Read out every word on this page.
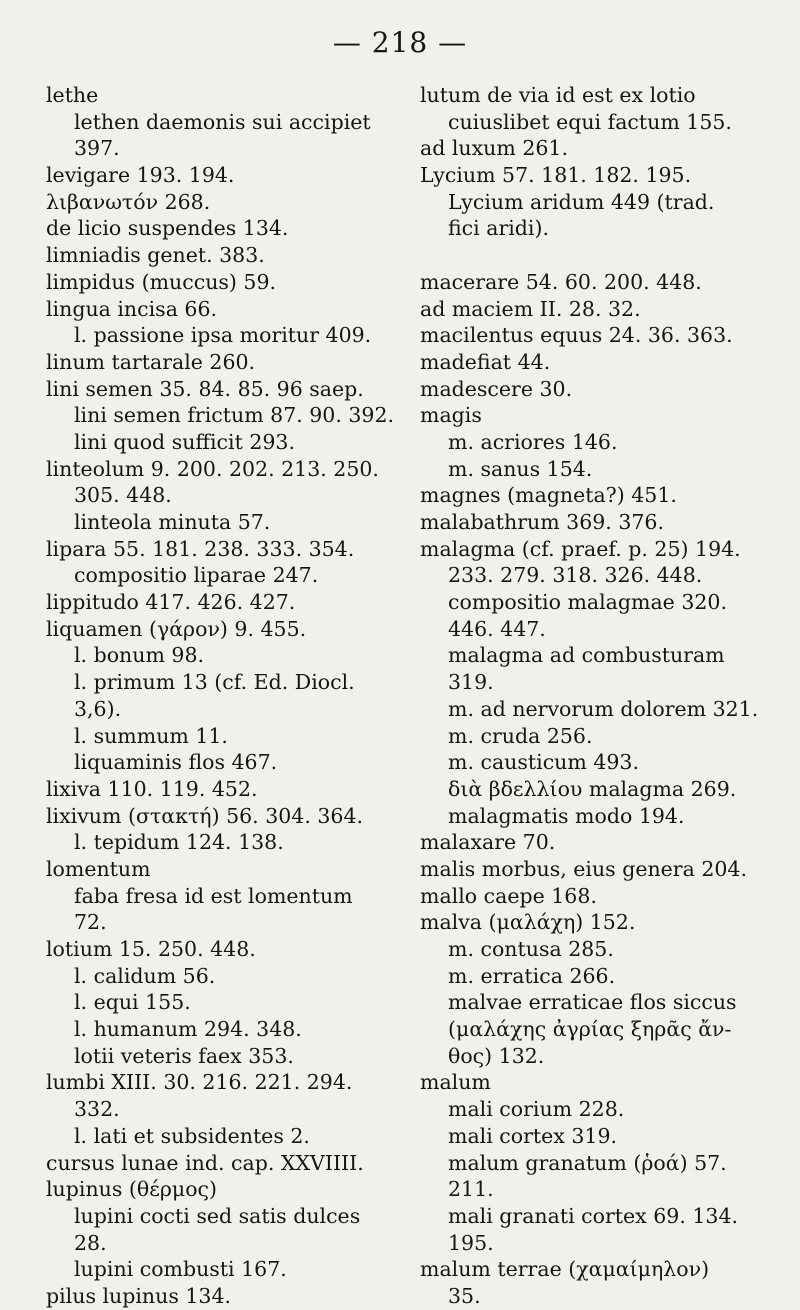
— 218 —
lethe
lethen daemonis sui accipiet
397.
levigare 193. 194.
λιβανωτόν 268.
de licio suspendes 134.
limniadis genet. 383.
limpidus (muccus) 59.
lingua incisa 66.
l. passione ipsa moritur 409.
linum tartarale 260.
lini semen 35. 84. 85. 96 saep.
lini semen frictum 87. 90. 392.
lini quod sufficit 293.
linteolum 9. 200. 202. 213. 250.
305. 448.
linteola minuta 57.
lipara 55. 181. 238. 333. 354.
compositio liparae 247.
lippitudo 417. 426. 427.
liquamen (γάρον) 9. 455.
l. bonum 98.
l. primum 13 (cf. Ed. Diocl.
3,6).
l. summum 11.
liquaminis flos 467.
lixiva 110. 119. 452.
lixivum (στακτή) 56. 304. 364.
l. tepidum 124. 138.
lomentum
faba fresa id est lomentum
72.
lotium 15. 250. 448.
l. calidum 56.
l. equi 155.
l. humanum 294. 348.
lotii veteris faex 353.
lumbi XIII. 30. 216. 221. 294.
332.
l. lati et subsidentes 2.
cursus lunae ind. cap. XXVIIII.
lupinus (θέρμος)
lupini cocti sed satis dulces
28.
lupini combusti 167.
pilus lupinus 134.
lutum de via id est ex lotio
cuiuslibet equi factum 155.
ad luxum 261.
Lycium 57. 181. 182. 195.
Lycium aridum 449 (trad.
fici aridi).
macerare 54. 60. 200. 448.
ad maciem II. 28. 32.
macilentus equus 24. 36. 363.
madefiat 44.
madescere 30.
magis
m. acriores 146.
m. sanus 154.
magnes (magneta?) 451.
malabathrum 369. 376.
malagma (cf. praef. p. 25) 194.
233. 279. 318. 326. 448.
compositio malagmae 320.
446. 447.
malagma ad combusturam
319.
m. ad nervorum dolorem 321.
m. cruda 256.
m. causticum 493.
διὰ βδελλίου malagma 269.
malagmatis modo 194.
malaxare 70.
malis morbus, eius genera 204.
mallo caepe 168.
malva (μαλάχη) 152.
m. contusa 285.
m. erratica 266.
malvae erraticae flos siccus
(μαλάχης ἀγρίας ξηρᾶς ἄν-
θος) 132.
malum
mali corium 228.
mali cortex 319.
malum granatum (ῥοά) 57.
211.
mali granati cortex 69. 134.
195.
malum terrae (χαμαίμηλον)
35.
